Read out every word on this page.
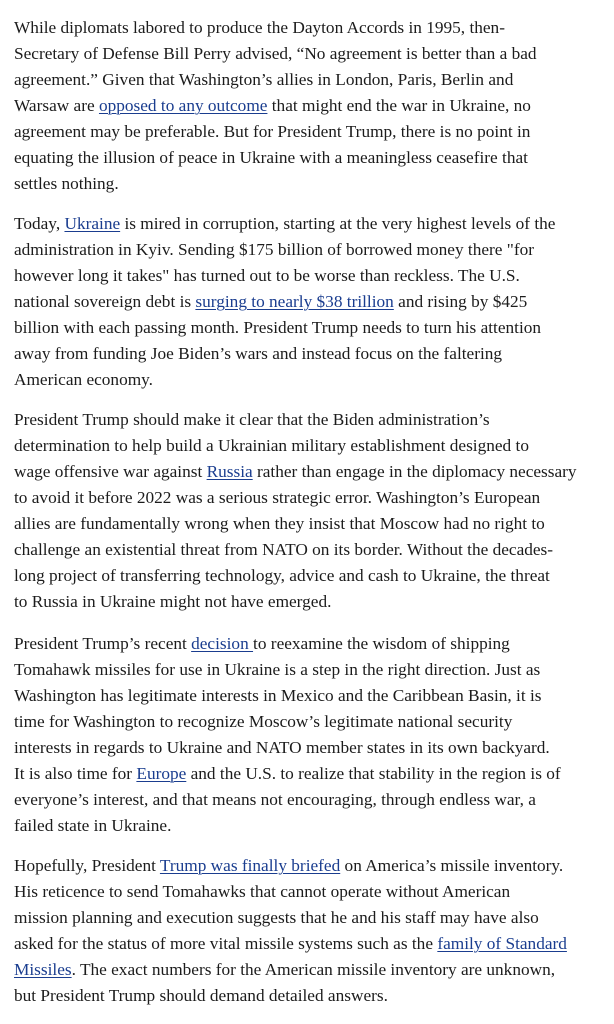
While diplomats labored to produce the Dayton Accords in 1995, then-
Secretary of Defense Bill Perry advised, “No agreement is better than a bad
agreement.” Given that Washington’s allies in London, Paris, Berlin and
Warsaw are opposed to any outcome that might end the war in Ukraine, no
agreement may be preferable. But for President Trump, there is no point in
equating the illusion of peace in Ukraine with a meaningless ceasefire that
settles nothing.

Today, Ukraine is mired in corruption, starting at the very highest levels of the
administration in Kyiv. Sending $175 billion of borrowed money there "for
however long it takes" has turned out to be worse than reckless. The U.S.
national sovereign debt is surging to nearly $38 trillion and rising by $425
billion with each passing month. President Trump needs to turn his attention
away from funding Joe Biden’s wars and instead focus on the faltering
American economy.

President Trump should make it clear that the Biden administration’s
determination to help build a Ukrainian military establishment designed to
wage offensive war against Russia rather than engage in the diplomacy necessary
to avoid it before 2022 was a serious strategic error. Washington’s European
allies are fundamentally wrong when they insist that Moscow had no right to
challenge an existential threat from NATO on its border. Without the decades-
long project of transferring technology, advice and cash to Ukraine, the threat
to Russia in Ukraine might not have emerged.

President Trump’s recent decision to reexamine the wisdom of shipping
Tomahawk missiles for use in Ukraine is a step in the right direction. Just as
Washington has legitimate interests in Mexico and the Caribbean Basin, it is
time for Washington to recognize Moscow’s legitimate national security
interests in regards to Ukraine and NATO member states in its own backyard.
It is also time for Europe and the U.S. to realize that stability in the region is of
everyone’s interest, and that means not encouraging, through endless war, a
failed state in Ukraine.

Hopefully, President Trump was finally briefed on America’s missile inventory.
His reticence to send Tomahawks that cannot operate without American
mission planning and execution suggests that he and his staff may have also
asked for the status of more vital missile systems such as the family of Standard
Missiles. The exact numbers for the American missile inventory are unknown,
but President Trump should demand detailed answers.
